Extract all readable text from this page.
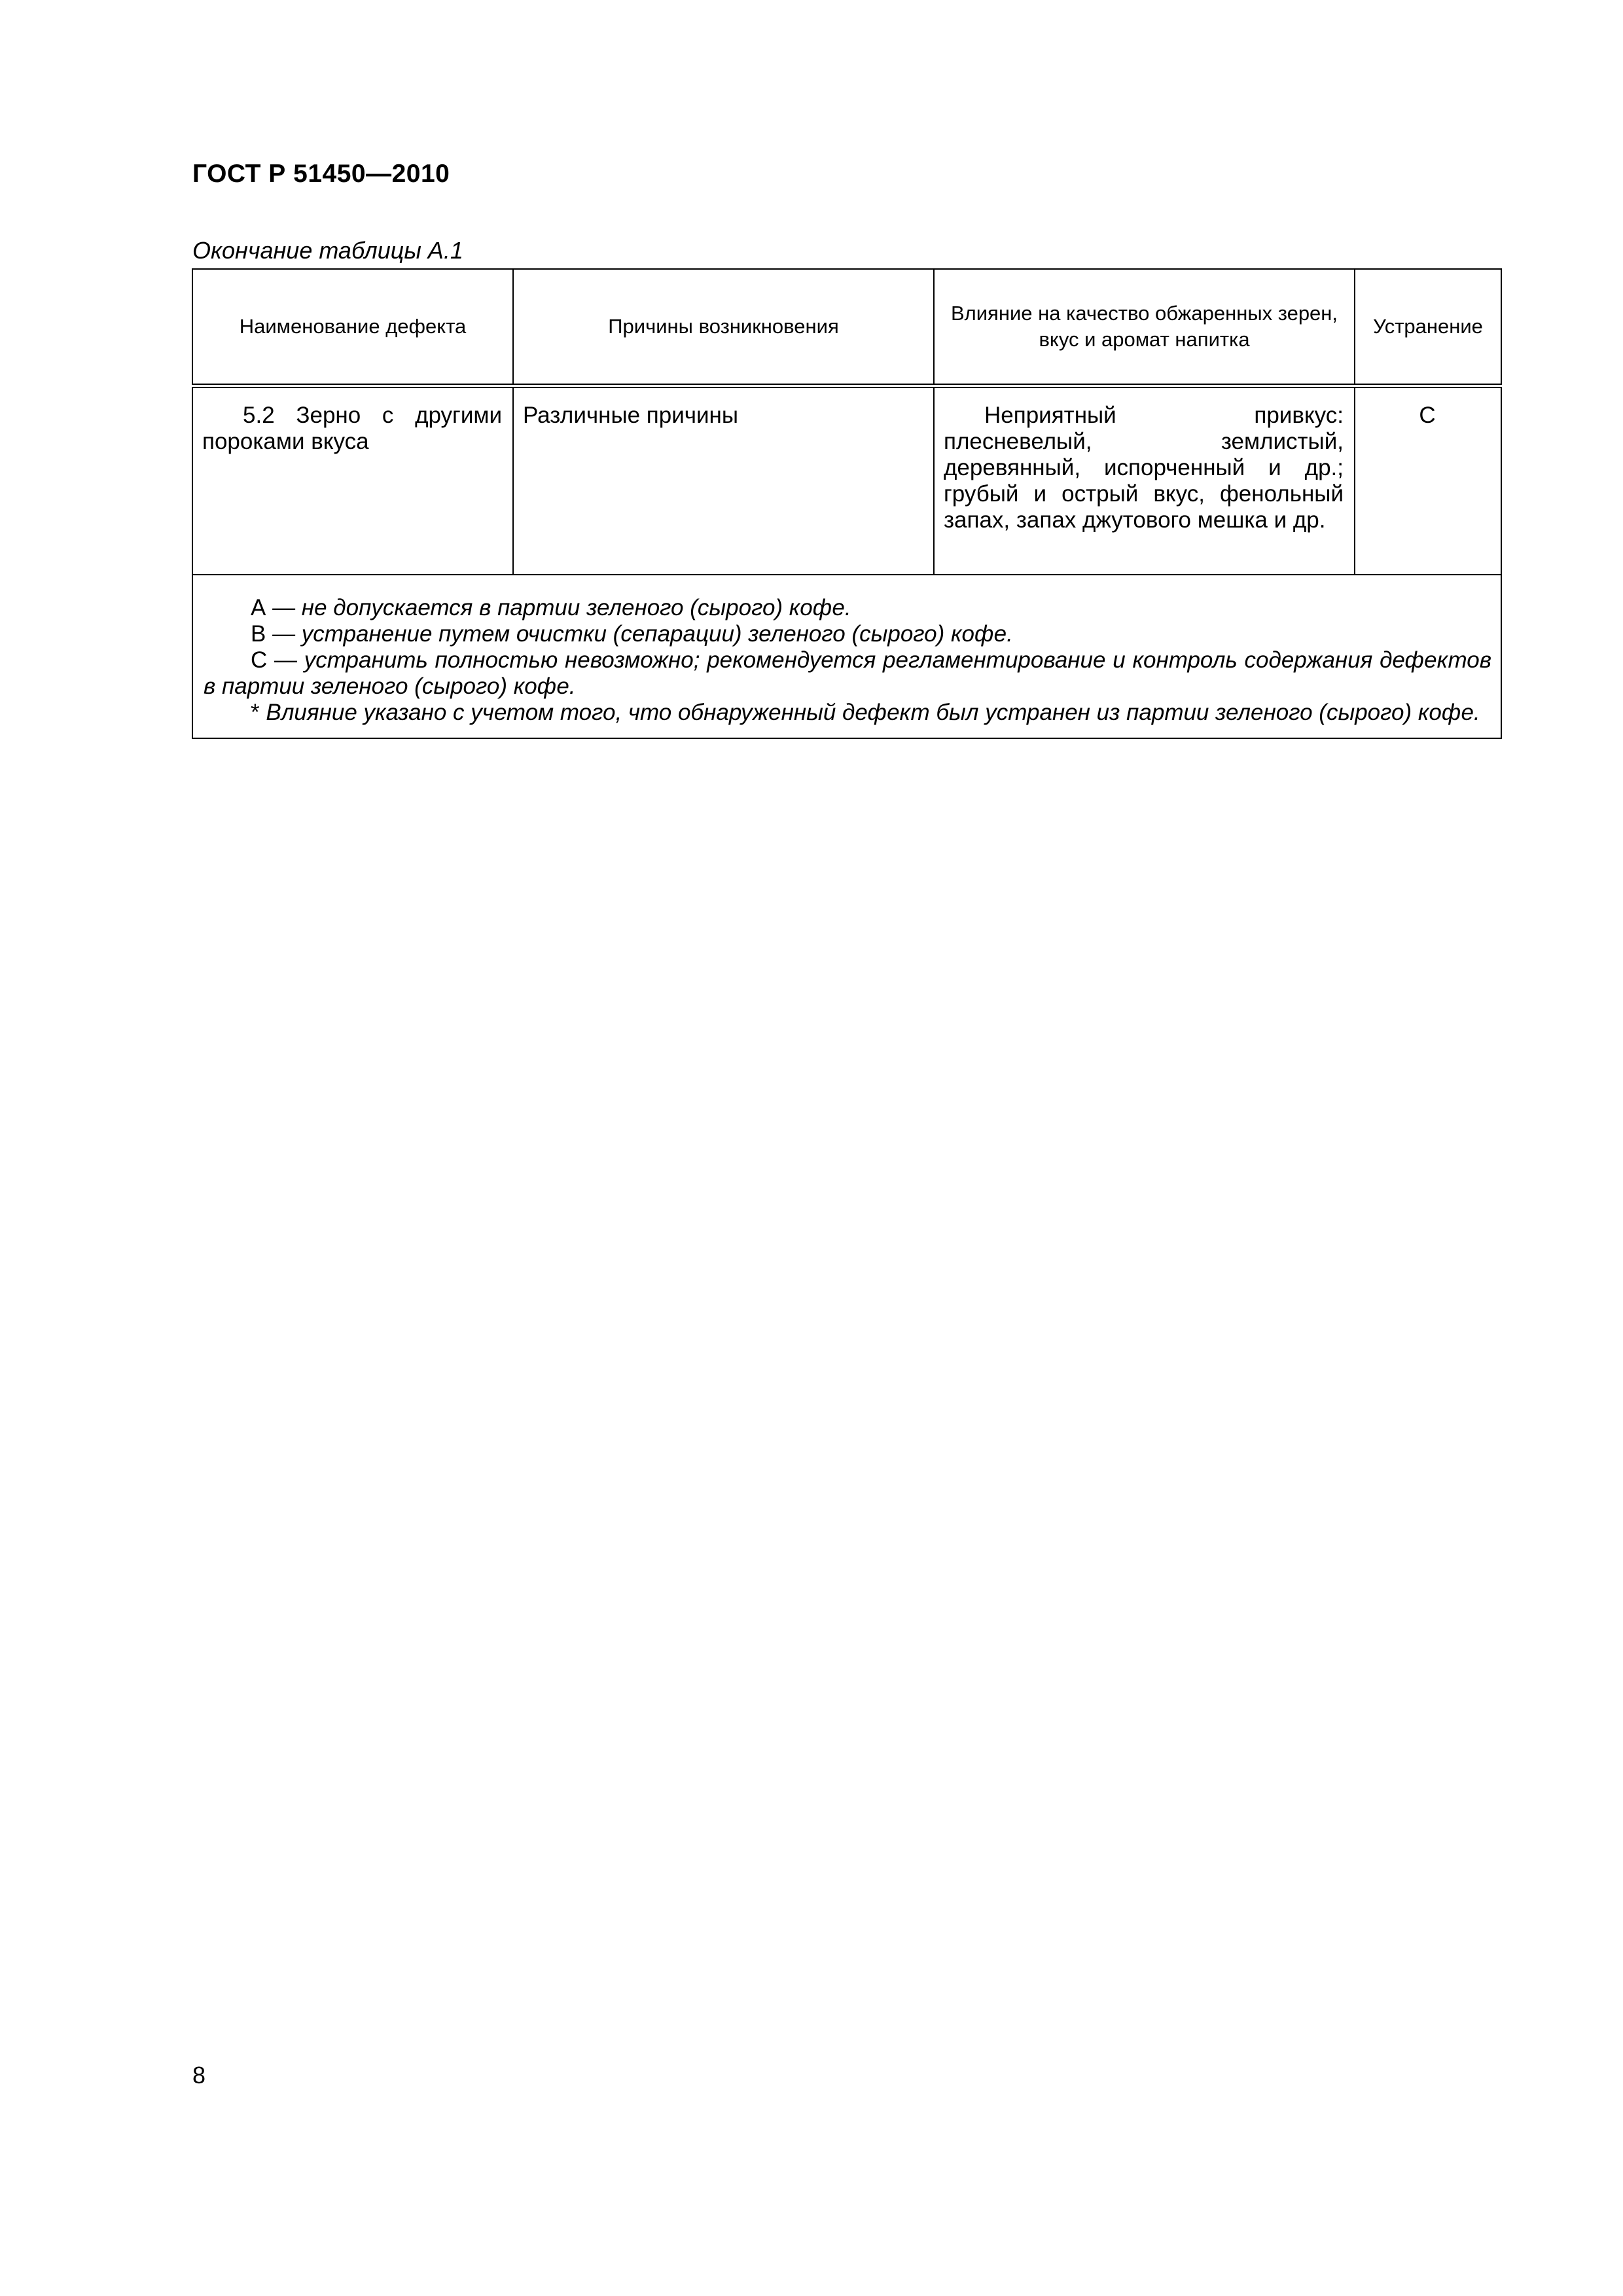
ГОСТ Р 51450—2010
Окончание таблицы А.1
Наименование дефекта	Причины возникновения	Влияние на качество обжаренных зерен, вкус и аромат напитка	Устранение
5.2 Зерно с другими пороками вкуса	Различные причины	Неприятный привкус: плесневелый, землистый, деревянный, испорченный и др.; грубый и острый вкус, фенольный запах, запах джутового мешка и др.	С

А — не допускается в партии зеленого (сырого) кофе.
В — устранение путем очистки (сепарации) зеленого (сырого) кофе.
С — устранить полностью невозможно; рекомендуется регламентирование и контроль содержания дефектов в партии зеленого (сырого) кофе.
* Влияние указано с учетом того, что обнаруженный дефект был устранен из партии зеленого (сырого) кофе.			
8
